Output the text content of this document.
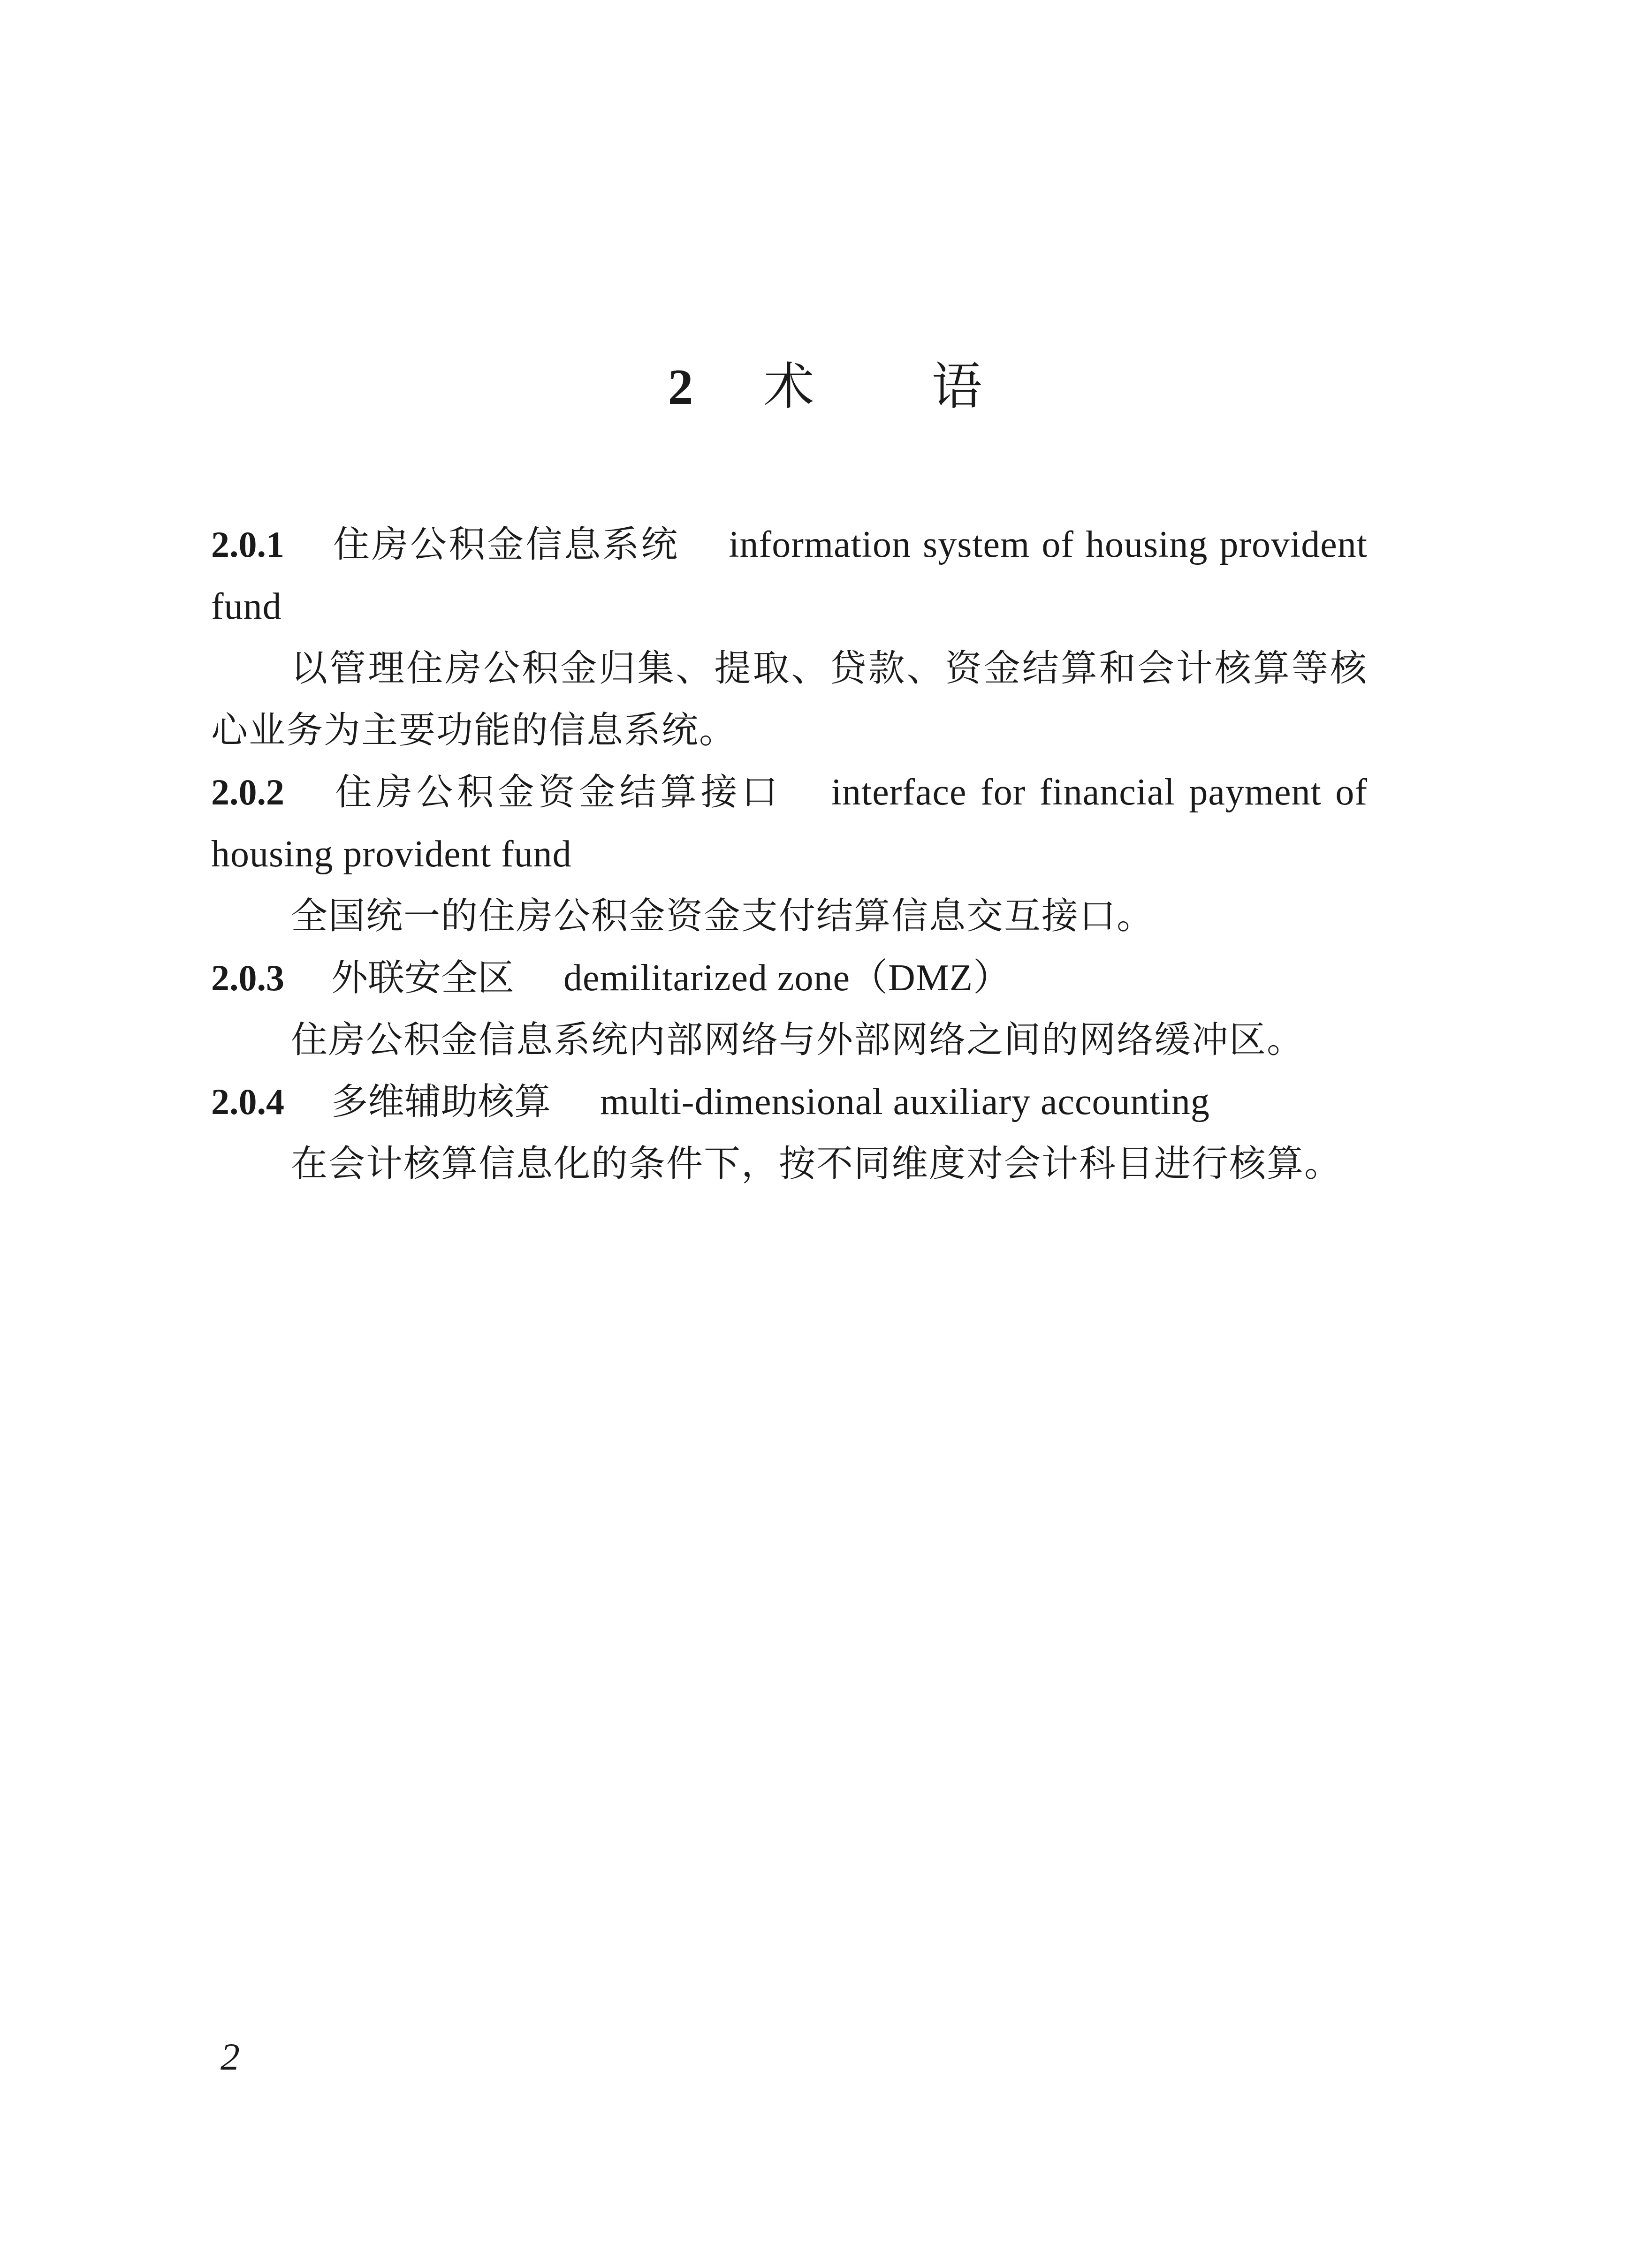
2 术 语

2.0.1 住房公积金信息系统 information system of housing provident fund

以管理住房公积金归集、提取、贷款、资金结算和会计核算等核心业务为主要功能的信息系统。

2.0.2 住房公积金资金结算接口 interface for financial payment of housing provident fund

全国统一的住房公积金资金支付结算信息交互接口。

2.0.3 外联安全区 demilitarized zone（DMZ）

住房公积金信息系统内部网络与外部网络之间的网络缓冲区。

2.0.4 多维辅助核算 multi-dimensional auxiliary accounting

在会计核算信息化的条件下，按不同维度对会计科目进行核算。

2
